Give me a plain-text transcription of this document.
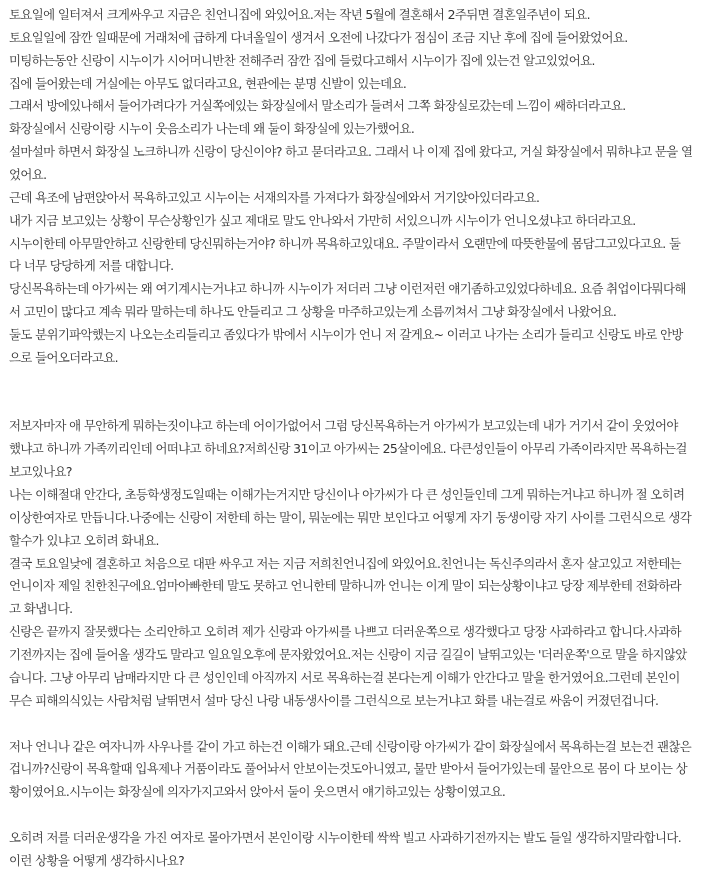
토요일에 일터져서 크게싸우고 지금은 친언니집에 와있어요.저는 작년 5월에 결혼해서 2주뒤면 결혼일주년이 되요.
토요일일에 잠깐 일때문에 거래처에 급하게 다녀올일이 생겨서 오전에 나갔다가 점심이 조금 지난 후에 집에 들어왔었어요.
미팅하는동안 신랑이 시누이가 시어머니반찬 전해주러 잠깐 집에 들렀다고해서 시누이가 집에 있는건 알고있었어요.
집에 들어왔는데 거실에는 아무도 없더라고요, 현관에는 분명 신발이 있는데요.
그래서 방에있나해서 들어가려다가 거실쪽에있는 화장실에서 말소리가 들려서 그쪽 화장실로갔는데 느낌이 쌔하더라고요.
화장실에서 신랑이랑 시누이 웃음소리가 나는데 왜 둘이 화장실에 있는가했어요.
설마설마 하면서 화장실 노크하니까 신랑이 당신이야? 하고 묻더라고요. 그래서 나 이제 집에 왔다고, 거실 화장실에서 뭐하냐고 문을 열
었어요.
근데 욕조에 남편앉아서 목욕하고있고 시누이는 서재의자를 가져다가 화장실에와서 거기앉아있더라고요.
내가 지금 보고있는 상황이 무슨상황인가 싶고 제대로 말도 안나와서 가만히 서있으니까 시누이가 언니오셨냐고 하더라고요.
시누이한테 아무말안하고 신랑한테 당신뭐하는거야? 하니까 목욕하고있대요. 주말이라서 오랜만에 따뜻한물에 몸담그고있다고요. 둘
다 너무 당당하게 저를 대합니다.
당신목욕하는데 아가씨는 왜 여기계시는거냐고 하니까 시누이가 저더러 그냥 이런저런 얘기좀하고있었다하네요. 요즘 취업이다뭐다해
서 고민이 많다고 계속 뭐라 말하는데 하나도 안들리고 그 상황을 마주하고있는게 소름끼쳐서 그냥 화장실에서 나왔어요.
둘도 분위기파악했는지 나오는소리들리고 좀있다가 밖에서 시누이가 언니 저 갈게요~ 이러고 나가는 소리가 들리고 신랑도 바로 안방
으로 들어오더라고요.
저보자마자 애 무안하게 뭐하는짓이냐고 하는데 어이가없어서 그럼 당신목욕하는거 아가씨가 보고있는데 내가 거기서 같이 웃었어야
했냐고 하니까 가족끼리인데 어떠냐고 하네요?저희신랑 31이고 아가씨는 25살이에요. 다큰성인들이 아무리 가족이라지만 목욕하는걸
보고있나요?
나는 이해절대 안간다, 초등학생정도일때는 이해가는거지만 당신이나 아가씨가 다 큰 성인들인데 그게 뭐하는거냐고 하니까 절 오히려
이상한여자로 만듭니다.나중에는 신랑이 저한테 하는 말이, 뭐눈에는 뭐만 보인다고 어떻게 자기 동생이랑 자기 사이를 그런식으로 생각
할수가 있냐고 오히려 화내요.
결국 토요일낮에 결혼하고 처음으로 대판 싸우고 저는 지금 저희친언니집에 와있어요.친언니는 독신주의라서 혼자 살고있고 저한테는
언니이자 제일 친한친구에요.엄마아빠한테 말도 못하고 언니한테 말하니까 언니는 이게 말이 되는상황이냐고 당장 제부한테 전화하라
고 화냅니다.
신랑은 끝까지 잘못했다는 소리안하고 오히려 제가 신랑과 아가씨를 나쁘고 더러운쪽으로 생각했다고 당장 사과하라고 합니다.사과하
기전까지는 집에 들어올 생각도 말라고 일요일오후에 문자왔었어요.저는 신랑이 지금 길길이 날뛰고있는 '더러운쪽'으로 말을 하지않았
습니다. 그냥 아무리 남매라지만 다 큰 성인인데 아직까지 서로 목욕하는걸 본다는게 이해가 안간다고 말을 한거였어요.그런데 본인이
무슨 피해의식있는 사람처럼 날뛰면서 설마 당신 나랑 내동생사이를 그런식으로 보는거냐고 화를 내는걸로 싸움이 커졌던겁니다.
저나 언니나 같은 여자니까 사우나를 같이 가고 하는건 이해가 돼요.근데 신랑이랑 아가씨가 같이 화장실에서 목욕하는걸 보는건 괜찮은
겁니까?신랑이 목욕할때 입욕제나 거품이라도 풀어놔서 안보이는것도아니였고, 물만 받아서 들어가있는데 물안으로 몸이 다 보이는 상
황이였어요.시누이는 화장실에 의자가지고와서 앉아서 둘이 웃으면서 얘기하고있는 상황이였고요.
오히려 저를 더러운생각을 가진 여자로 몰아가면서 본인이랑 시누이한테 싹싹 빌고 사과하기전까지는 발도 들일 생각하지말라합니다.
이런 상황을 어떻게 생각하시나요?
